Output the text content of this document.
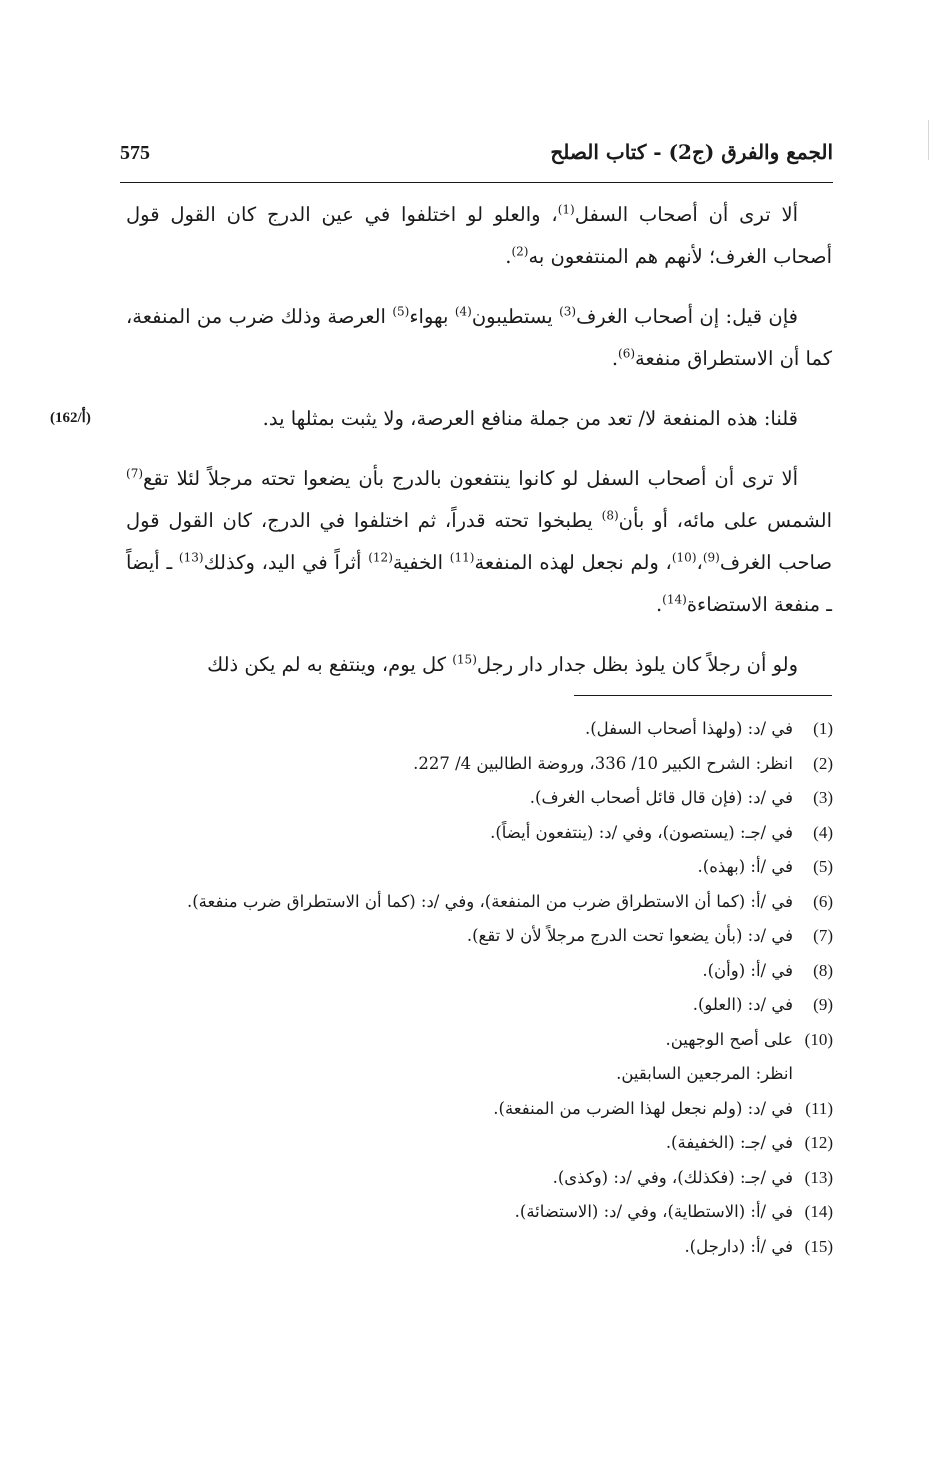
الجمع والفرق (ج2) - كتاب الصلح
575
(162/أ)

ألا ترى أن أصحاب السفل$^{(1)}$، والعلو لو اختلفوا في عين الدرج كان القول قول أصحاب الغرف؛ لأنهم هم المنتفعون به$^{(2)}$.

فإن قيل: إن أصحاب الغرف$^{(3)}$ يستطيبون$^{(4)}$ بهواء$^{(5)}$ العرصة وذلك ضرب من المنفعة، كما أن الاستطراق منفعة$^{(6)}$.

قلنا: هذه المنفعة لا/ تعد من جملة منافع العرصة، ولا يثبت بمثلها يد.

ألا ترى أن أصحاب السفل لو كانوا ينتفعون بالدرج بأن يضعوا تحته مرجلاً لئلا تقع$^{(7)}$ الشمس على مائه، أو بأن$^{(8)}$ يطبخوا تحته قدراً، ثم اختلفوا في الدرج، كان القول قول صاحب الغرف$^{(9)}$،$^{(10)}$، ولم نجعل لهذه المنفعة$^{(11)}$ الخفية$^{(12)}$ أثراً في اليد، وكذلك$^{(13)}$ ـ أيضاً ـ منفعة الاستضاءة$^{(14)}$.

ولو أن رجلاً كان يلوذ بظل جدار دار رجل$^{(15)}$ كل يوم، وينتفع به لم يكن ذلك

(1)
في /د: (ولهذا أصحاب السفل).
(2)
انظر: الشرح الكبير 10/ 336، وروضة الطالبين 4/ 227.
(3)
في /د: (فإن قال قائل أصحاب الغرف).
(4)
في /جـ: (يستصون)، وفي /د: (ينتفعون أيضاً).
(5)
في /أ: (بهذه).
(6)
في /أ: (كما أن الاستطراق ضرب من المنفعة)، وفي /د: (كما أن الاستطراق ضرب منفعة).
(7)
في /د: (بأن يضعوا تحت الدرج مرجلاً لأن لا تقع).
(8)
في /أ: (وأن).
(9)
في /د: (العلو).
(10)
على أصح الوجهين.
انظر: المرجعين السابقين.
(11)
في /د: (ولم نجعل لهذا الضرب من المنفعة).
(12)
في /جـ: (الخفيفة).
(13)
في /جـ: (فكذلك)، وفي /د: (وكذى).
(14)
في /أ: (الاستطاية)، وفي /د: (الاستضائة).
(15)
في /أ: (دارجل).
